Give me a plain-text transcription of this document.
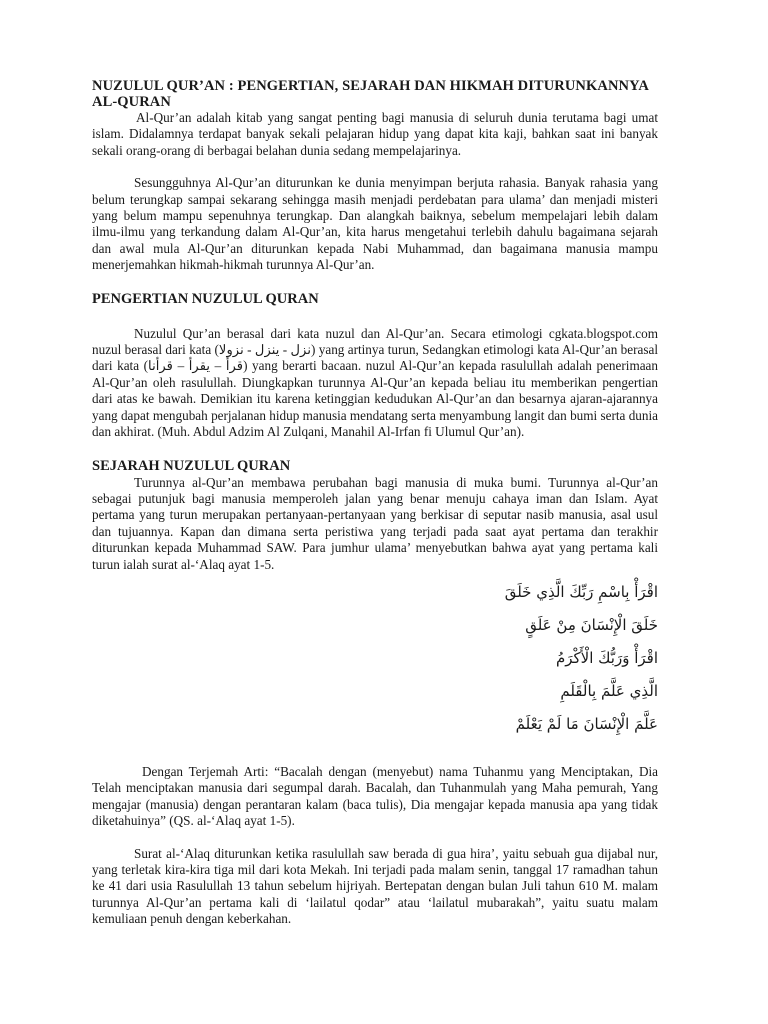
NUZULUL QUR’AN : PENGERTIAN, SEJARAH DAN HIKMAH DITURUNKANNYA AL-QURAN

Al-Qur’an adalah kitab yang sangat penting bagi manusia di seluruh dunia terutama bagi umat islam. Didalamnya terdapat banyak sekali pelajaran hidup yang dapat kita kaji, bahkan saat ini banyak sekali orang-orang di berbagai belahan dunia sedang mempelajarinya.

Sesungguhnya Al-Qur’an diturunkan ke dunia menyimpan berjuta rahasia. Banyak rahasia yang belum terungkap sampai sekarang sehingga masih menjadi perdebatan para ulama’ dan menjadi misteri yang belum mampu sepenuhnya terungkap. Dan alangkah baiknya, sebelum mempelajari lebih dalam ilmu-ilmu yang terkandung dalam Al-Qur’an, kita harus mengetahui terlebih dahulu bagaimana sejarah dan awal mula Al-Qur’an diturunkan kepada Nabi Muhammad, dan bagaimana manusia mampu menerjemahkan hikmah-hikmah turunnya Al-Qur’an.

PENGERTIAN NUZULUL QURAN

Nuzulul Qur’an berasal dari kata nuzul dan Al-Qur’an. Secara etimologi cgkata.blogspot.com nuzul berasal dari kata (نزل - ينزل - نزولا) yang artinya turun, Sedangkan etimologi kata Al-Qur’an berasal dari kata (قرأ – يقرأ – قرأنا) yang berarti bacaan. nuzul Al-Qur’an kepada rasulullah adalah penerimaan Al-Qur’an oleh rasulullah. Diungkapkan turunnya Al-Qur’an kepada beliau itu memberikan pengertian dari atas ke bawah. Demikian itu karena ketinggian kedudukan Al-Qur’an dan besarnya ajaran-ajarannya yang dapat mengubah perjalanan hidup manusia mendatang serta menyambung langit dan bumi serta dunia dan akhirat. (Muh. Abdul Adzim Al Zulqani, Manahil Al-Irfan fi Ulumul Qur’an).

SEJARAH NUZULUL QURAN

Turunnya al-Qur’an membawa perubahan bagi manusia di muka bumi. Turunnya al-Qur’an sebagai putunjuk bagi manusia memperoleh jalan yang benar menuju cahaya iman dan Islam. Ayat pertama yang turun merupakan pertanyaan-pertanyaan yang berkisar di seputar nasib manusia, asal usul dan tujuannya. Kapan dan dimana serta peristiwa yang terjadi pada saat ayat pertama dan terakhir diturunkan kepada Muhammad SAW. Para jumhur ulama’ menyebutkan bahwa ayat yang pertama kali turun ialah surat al-‘Alaq ayat 1-5.

اقْرَأْ بِاسْمِ رَبِّكَ الَّذِي خَلَقَ
خَلَقَ الْإِنْسَانَ مِنْ عَلَقٍ
اقْرَأْ وَرَبُّكَ الْأَكْرَمُ
الَّذِي عَلَّمَ بِالْقَلَمِ
عَلَّمَ الْإِنْسَانَ مَا لَمْ يَعْلَمْ

Dengan Terjemah Arti: “Bacalah dengan (menyebut) nama Tuhanmu yang Menciptakan, Dia Telah menciptakan manusia dari segumpal darah. Bacalah, dan Tuhanmulah yang Maha pemurah, Yang mengajar (manusia) dengan perantaran kalam (baca tulis), Dia mengajar kepada manusia apa yang tidak diketahuinya” (QS. al-‘Alaq ayat 1-5).

Surat al-‘Alaq diturunkan ketika rasulullah saw berada di gua hira’, yaitu sebuah gua dijabal nur, yang terletak kira-kira tiga mil dari kota Mekah. Ini terjadi pada malam senin, tanggal 17 ramadhan tahun ke 41 dari usia Rasulullah 13 tahun sebelum hijriyah. Bertepatan dengan bulan Juli tahun 610 M. malam turunnya Al-Qur’an pertama kali di ‘lailatul qodar” atau ‘lailatul mubarakah”, yaitu suatu malam kemuliaan penuh dengan keberkahan.
